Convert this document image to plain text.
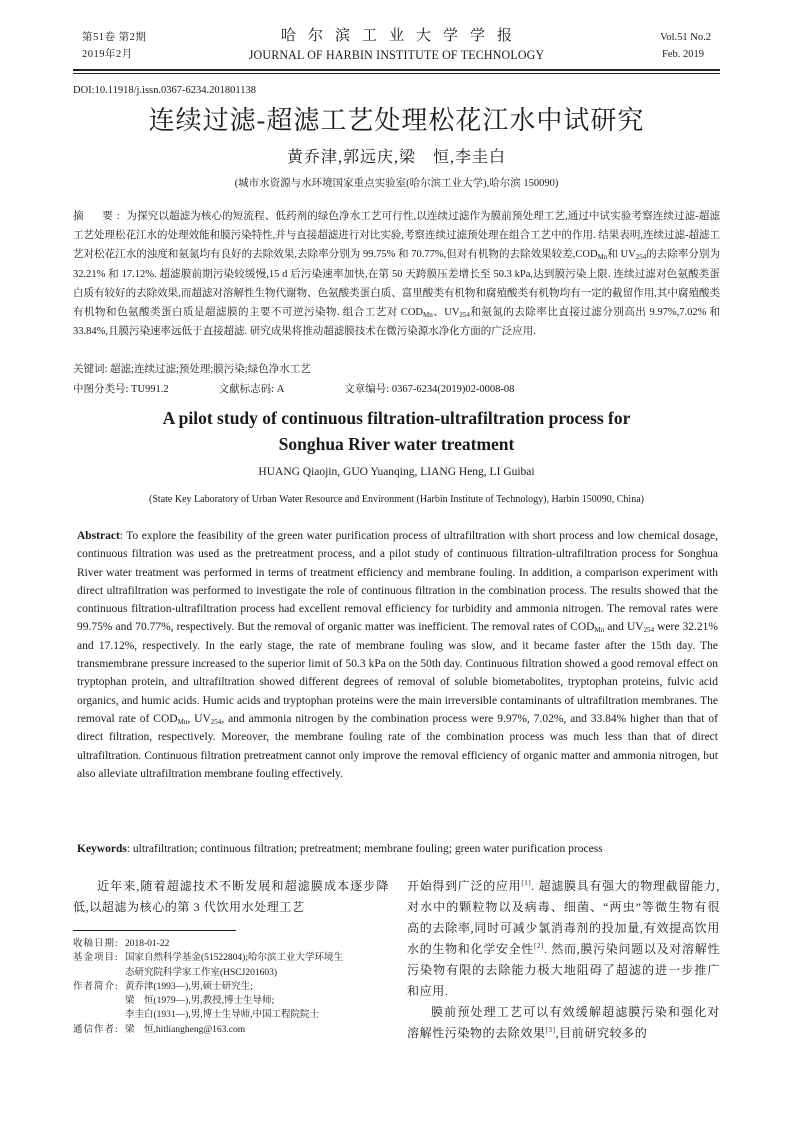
第51卷 第2期
2019年2月
哈尔滨工业大学学报
JOURNAL OF HARBIN INSTITUTE OF TECHNOLOGY
Vol.51 No.2
Feb. 2019
DOI:10.11918/j.issn.0367-6234.201801138
连续过滤-超滤工艺处理松花江水中试研究
黄乔津,郭远庆,梁　恒,李圭白
(城市水资源与水环境国家重点实验室(哈尔滨工业大学),哈尔滨 150090)
摘　要: 为探究以超滤为核心的短流程、低药剂的绿色净水工艺可行性,以连续过滤作为膜前预处理工艺,通过中试实验考察连续过滤-超滤工艺处理松花江水的处理效能和膜污染特性,并与直接超滤进行对比实验,考察连续过滤预处理在组合工艺中的作用. 结果表明,连续过滤-超滤工艺对松花江水的浊度和氨氮均有良好的去除效果,去除率分别为 99.75% 和 70.77%,但对有机物的去除效果较差$,COD_{Mn}$和 $UV_{254}$的去除率分别为 32.21% 和 17.12%. 超滤膜前期污染较缓慢,15 d 后污染速率加快,在第 50 天跨膜压差增长至 50.3 kPa,达到膜污染上限. 连续过滤对色氨酸类蛋白质有较好的去除效果,而超滤对溶解性生物代谢物、色氨酸类蛋白质、富里酸类有机物和腐殖酸类有机物均有一定的截留作用,其中腐殖酸类有机物和色氨酸类蛋白质是超滤膜的主要不可逆污染物. 组合工艺对 $COD_{Mn}$、$UV_{254}$和氨氮的去除率比直接过滤分别高出 9.97%,7.02% 和 33.84%,且膜污染速率远低于直接超滤. 研究成果将推动超滤膜技术在微污染源水净化方面的广泛应用.
关键词: 超滤;连续过滤;预处理;膜污染;绿色净水工艺
中图分类号: TU991.2	文献标志码: A	文章编号: 0367-6234(2019)02-0008-08
A pilot study of continuous filtration-ultrafiltration process for
Songhua River water treatment
HUANG Qiaojin, GUO Yuanqing, LIANG Heng, LI Guibai
(State Key Laboratory of Urban Water Resource and Environment (Harbin Institute of Technology), Harbin 150090, China)
Abstract: To explore the feasibility of the green water purification process of ultrafiltration with short process and low chemical dosage, continuous filtration was used as the pretreatment process, and a pilot study of continuous filtration-ultrafiltration process for Songhua River water treatment was performed in terms of treatment efficiency and membrane fouling. In addition, a comparison experiment with direct ultrafiltration was performed to investigate the role of continuous filtration in the combination process. The results showed that the continuous filtration-ultrafiltration process had excellent removal efficiency for turbidity and ammonia nitrogen. The removal rates were 99.75% and 70.77%, respectively. But the removal of organic matter was inefficient. The removal rates of $COD_{Mn}$ and $UV_{254}$ were 32.21% and 17.12%, respectively. In the early stage, the rate of membrane fouling was slow, and it became faster after the 15th day. The transmembrane pressure increased to the superior limit of 50.3 kPa on the 50th day. Continuous filtration showed a good removal effect on tryptophan protein, and ultrafiltration showed different degrees of removal of soluble biometabolites, tryptophan proteins, fulvic acid organics, and humic acids. Humic acids and tryptophan proteins were the main irreversible contaminants of ultrafiltration membranes. The removal rate of $COD_{Mn}$, $UV_{254}$, and ammonia nitrogen by the combination process were 9.97%, 7.02%, and 33.84% higher than that of direct filtration, respectively. Moreover, the membrane fouling rate of the combination process was much less than that of direct ultrafiltration. Continuous filtration pretreatment cannot only improve the removal efficiency of organic matter and ammonia nitrogen, but also alleviate ultrafiltration membrane fouling effectively.
Keywords: ultrafiltration; continuous filtration; pretreatment; membrane fouling; green water purification process

近年来,随着超滤技术不断发展和超滤膜成本逐步降低,以超滤为核心的第 3 代饮用水处理工艺

收稿日期: 2018-01-22
基金项目: 国家自然科学基金(51522804);哈尔滨工业大学环境生
态研究院科学家工作室(HSCJ201603)
作者简介: 黄乔津(1993—),男,硕士研究生;
梁　恒(1979—),男,教授,博士生导师;
李圭白(1931—),男,博士生导师,中国工程院院士
通信作者: 梁　恒,hitliangheng@163.com

开始得到广泛的应用[1]. 超滤膜具有强大的物理截留能力,对水中的颗粒物以及病毒、细菌、“两虫”等微生物有很高的去除率,同时可减少氯消毒剂的投加量,有效提高饮用水的生物和化学安全性[2]. 然而,膜污染问题以及对溶解性污染物有限的去除能力极大地阻碍了超滤的进一步推广和应用.

膜前预处理工艺可以有效缓解超滤膜污染和强化对溶解性污染物的去除效果[3],目前研究较多的
